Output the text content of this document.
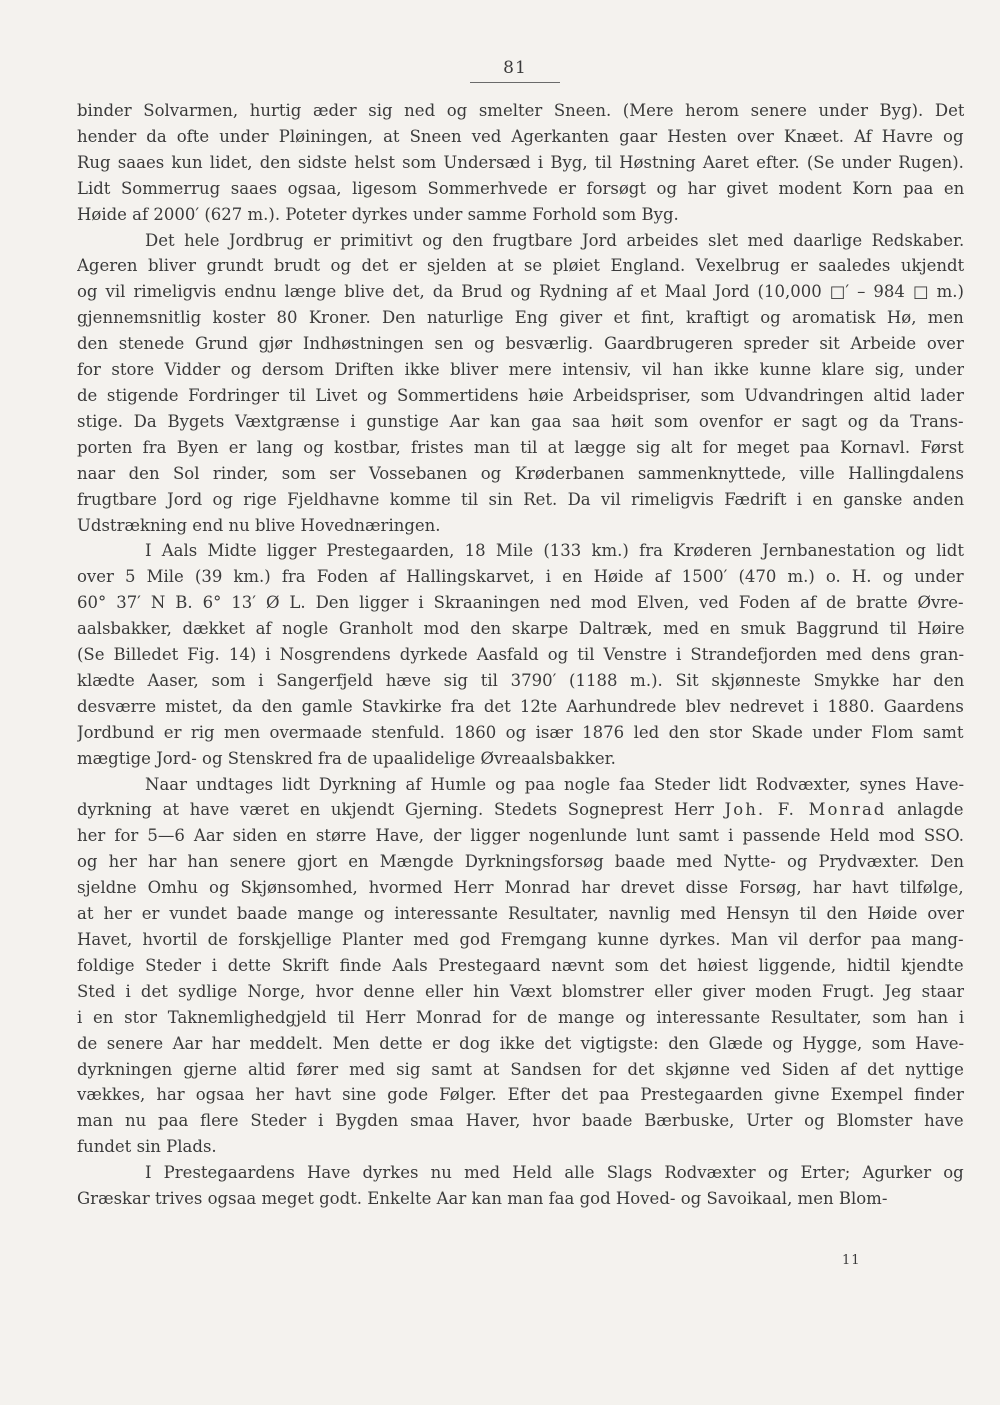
81

binder Solvarmen, hurtig æder sig ned og smelter Sneen. (Mere herom senere under Byg). Det
hender da ofte under Pløiningen, at Sneen ved Agerkanten gaar Hesten over Knæet. Af Havre og
Rug saaes kun lidet, den sidste helst som Undersæd i Byg, til Høstning Aaret efter. (Se under Rugen).
Lidt Sommerrug saaes ogsaa, ligesom Sommerhvede er forsøgt og har givet modent Korn paa en
Høide af 2000′ (627 m.). Poteter dyrkes under samme Forhold som Byg.

Det hele Jordbrug er primitivt og den frugtbare Jord arbeides slet med daarlige Redskaber.
Ageren bliver grundt brudt og det er sjelden at se pløiet England. Vexelbrug er saaledes ukjendt
og vil rimeligvis endnu længe blive det, da Brud og Rydning af et Maal Jord (10,000 □′ – 984 □ m.)
gjennemsnitlig koster 80 Kroner. Den naturlige Eng giver et fint, kraftigt og aromatisk Hø, men
den stenede Grund gjør Indhøstningen sen og besværlig. Gaardbrugeren spreder sit Arbeide over
for store Vidder og dersom Driften ikke bliver mere intensiv, vil han ikke kunne klare sig, under
de stigende Fordringer til Livet og Sommertidens høie Arbeidspriser, som Udvandringen altid lader
stige. Da Bygets Væxtgrænse i gunstige Aar kan gaa saa høit som ovenfor er sagt og da Trans-
porten fra Byen er lang og kostbar, fristes man til at lægge sig alt for meget paa Kornavl. Først
naar den Sol rinder, som ser Vossebanen og Krøderbanen sammenknyttede, ville Hallingdalens
frugtbare Jord og rige Fjeldhavne komme til sin Ret. Da vil rimeligvis Fædrift i en ganske anden
Udstrækning end nu blive Hovednæringen.

I Aals Midte ligger Prestegaarden, 18 Mile (133 km.) fra Krøderen Jernbanestation og lidt
over 5 Mile (39 km.) fra Foden af Hallingskarvet, i en Høide af 1500′ (470 m.) o. H. og under
60° 37′ N B. 6° 13′ Ø L. Den ligger i Skraaningen ned mod Elven, ved Foden af de bratte Øvre-
aalsbakker, dækket af nogle Granholt mod den skarpe Daltræk, med en smuk Baggrund til Høire
(Se Billedet Fig. 14) i Nosgrendens dyrkede Aasfald og til Venstre i Strandefjorden med dens gran-
klædte Aaser, som i Sangerfjeld hæve sig til 3790′ (1188 m.). Sit skjønneste Smykke har den
desværre mistet, da den gamle Stavkirke fra det 12te Aarhundrede blev nedrevet i 1880. Gaardens
Jordbund er rig men overmaade stenfuld. 1860 og især 1876 led den stor Skade under Flom samt
mægtige Jord- og Stenskred fra de upaalidelige Øvreaalsbakker.

Naar undtages lidt Dyrkning af Humle og paa nogle faa Steder lidt Rodvæxter, synes Have-
dyrkning at have været en ukjendt Gjerning. Stedets Sogneprest Herr Joh. F. Monrad anlagde
her for 5—6 Aar siden en større Have, der ligger nogenlunde lunt samt i passende Held mod SSO.
og her har han senere gjort en Mængde Dyrkningsforsøg baade med Nytte- og Prydvæxter. Den
sjeldne Omhu og Skjønsomhed, hvormed Herr Monrad har drevet disse Forsøg, har havt tilfølge,
at her er vundet baade mange og interessante Resultater, navnlig med Hensyn til den Høide over
Havet, hvortil de forskjellige Planter med god Fremgang kunne dyrkes. Man vil derfor paa mang-
foldige Steder i dette Skrift finde Aals Prestegaard nævnt som det høiest liggende, hidtil kjendte
Sted i det sydlige Norge, hvor denne eller hin Væxt blomstrer eller giver moden Frugt. Jeg staar
i en stor Taknemlighedgjeld til Herr Monrad for de mange og interessante Resultater, som han i
de senere Aar har meddelt. Men dette er dog ikke det vigtigste: den Glæde og Hygge, som Have-
dyrkningen gjerne altid fører med sig samt at Sandsen for det skjønne ved Siden af det nyttige
vækkes, har ogsaa her havt sine gode Følger. Efter det paa Prestegaarden givne Exempel finder
man nu paa flere Steder i Bygden smaa Haver, hvor baade Bærbuske, Urter og Blomster have
fundet sin Plads.

I Prestegaardens Have dyrkes nu med Held alle Slags Rodvæxter og Erter; Agurker og
Græskar trives ogsaa meget godt. Enkelte Aar kan man faa god Hoved- og Savoikaal, men Blom-

11
